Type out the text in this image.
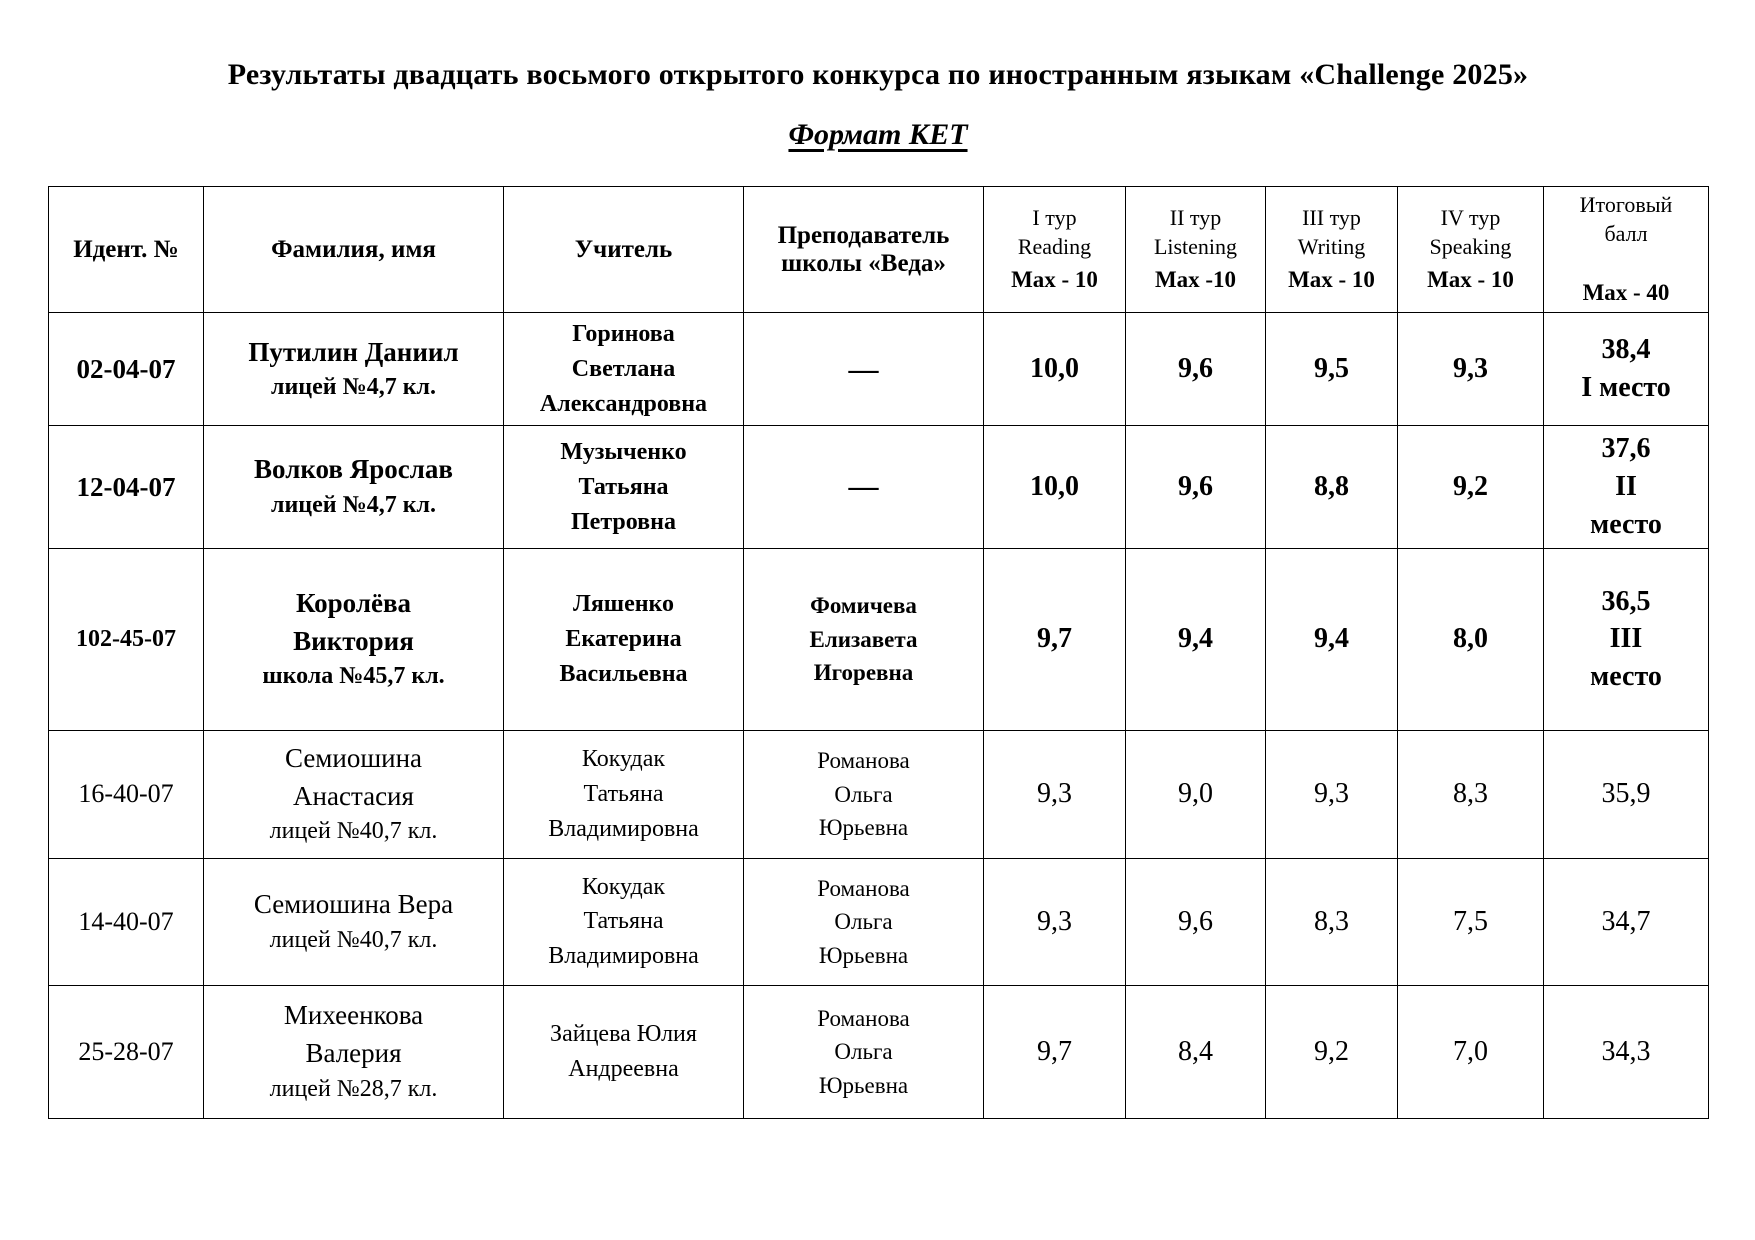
Результаты двадцать восьмого открытого конкурса по иностранным языкам «Challenge 2025»
Формат КЕТ
Идент. №	Фамилия, имя	Учитель	Преподаватель школы «Веда»	I тур
Reading
Max - 10	II тур
Listening
Max -10	III тур
Writing
Max - 10	IV тур
Speaking
Max - 10	Итоговый
балл
Max - 40

02-04-07	Путилин Даниил
лицей №4,7 кл.	Горинова
Светлана
Александровна	—	10,0	9,6	9,5	9,3	38,4
I место

12-04-07	Волков Ярослав
лицей №4,7 кл.	Музыченко
Татьяна
Петровна	—	10,0	9,6	8,8	9,2	37,6
II
место

102-45-07	Королёва
Виктория
школа №45,7 кл.	Ляшенко
Екатерина
Васильевна	Фомичева
Елизавета
Игоревна	9,7	9,4	9,4	8,0	36,5
III
место

16-40-07	Семиошина
Анастасия
лицей №40,7 кл.	Кокудак
Татьяна
Владимировна	Романова
Ольга
Юрьевна	9,3	9,0	9,3	8,3	35,9

14-40-07	Семиошина Вера
лицей №40,7 кл.	Кокудак
Татьяна
Владимировна	Романова
Ольга
Юрьевна	9,3	9,6	8,3	7,5	34,7

25-28-07	Михеенкова
Валерия
лицей №28,7 кл.	Зайцева Юлия
Андреевна	Романова
Ольга
Юрьевна	9,7	8,4	9,2	7,0	34,3
